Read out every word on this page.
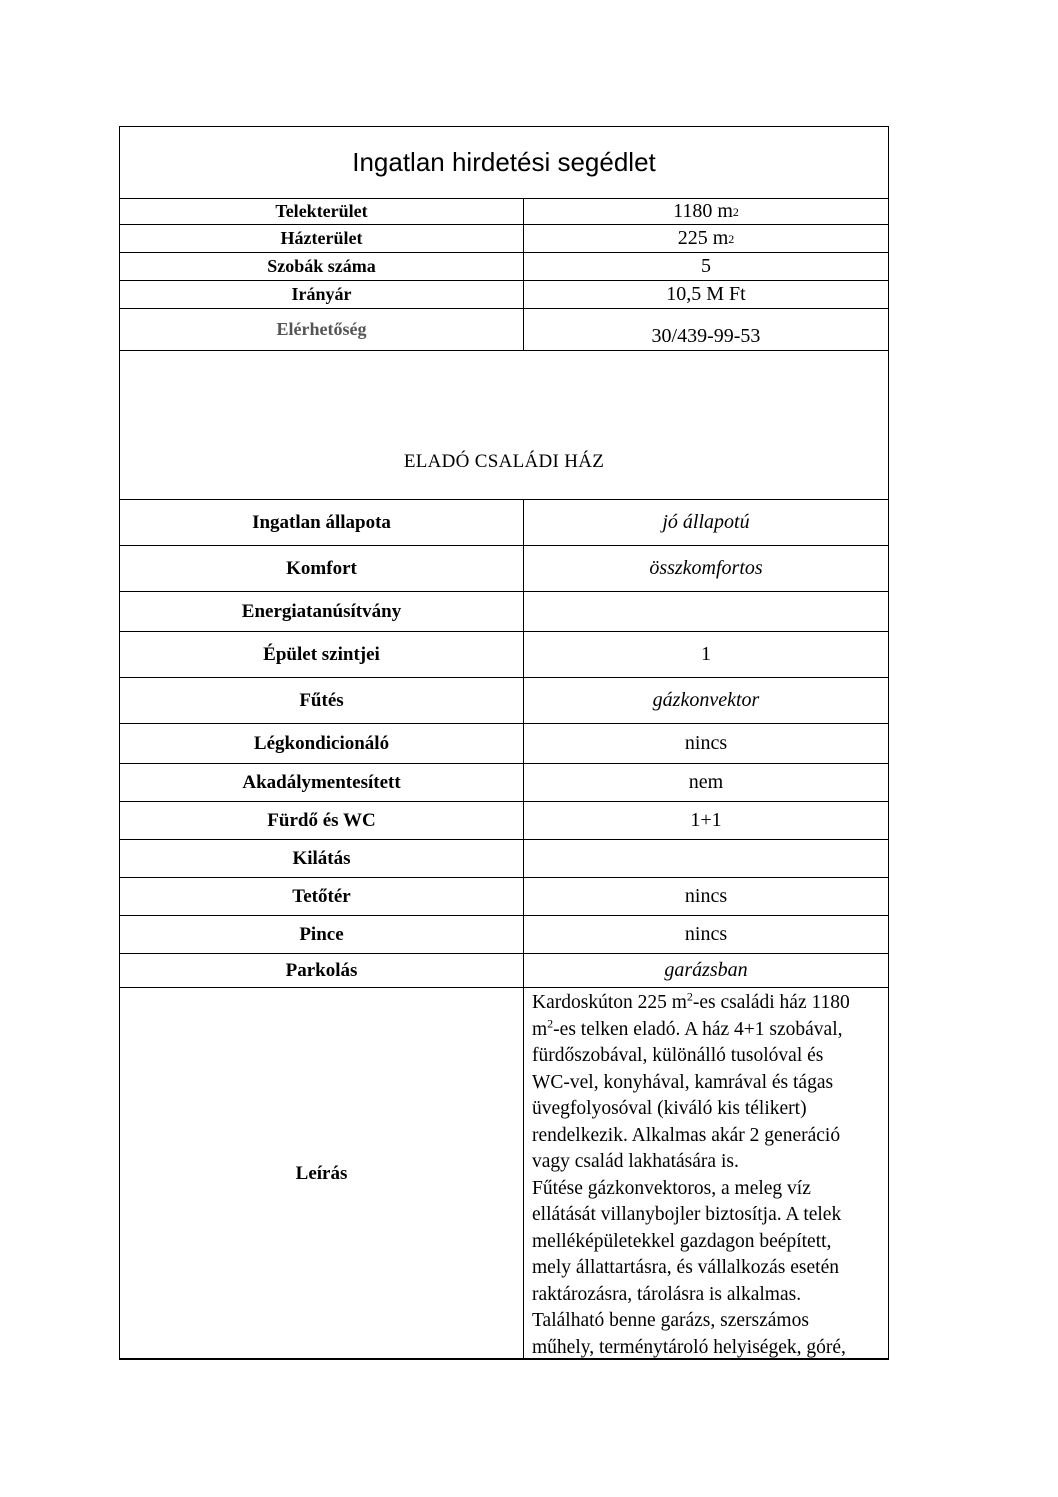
Ingatlan hirdetési segédlet
Telekterület	1180 m 2
Házterület	225 m 2
Szobák száma	5
Irányár	10,5 M Ft
Elérhetőség	30/439-99-53
ELADÓ CSALÁDI HÁZ
Ingatlan állapota	jó állapotú
Komfort	összkomfortos
Energiatanúsítvány
Épület szintjei	1
Fűtés	gázkonvektor
Légkondicionáló	nincs
Akadálymentesített	nem
Fürdő és WC	1+1
Kilátás
Tetőtér	nincs
Pince	nincs
Parkolás	garázsban
Leírás
Kardoskúton 225 $m^2-es$ családi ház 1180
$m^2-es$ telken eladó. A ház 4+1 szobával,
fürdőszobával, különálló tusolóval és
WC-vel, konyhával, kamrával és tágas
üvegfolyosóval (kiváló kis télikert)
rendelkezik. Alkalmas akár 2 generáció
vagy család lakhatására is.
Fűtése gázkonvektoros, a meleg víz
ellátását villanybojler biztosítja. A telek
melléképületekkel gazdagon beépített,
mely állattartásra, és vállalkozás esetén
raktározásra, tárolásra is alkalmas.
Található benne garázs, szerszámos
műhely, terménytároló helyiségek, góré,
